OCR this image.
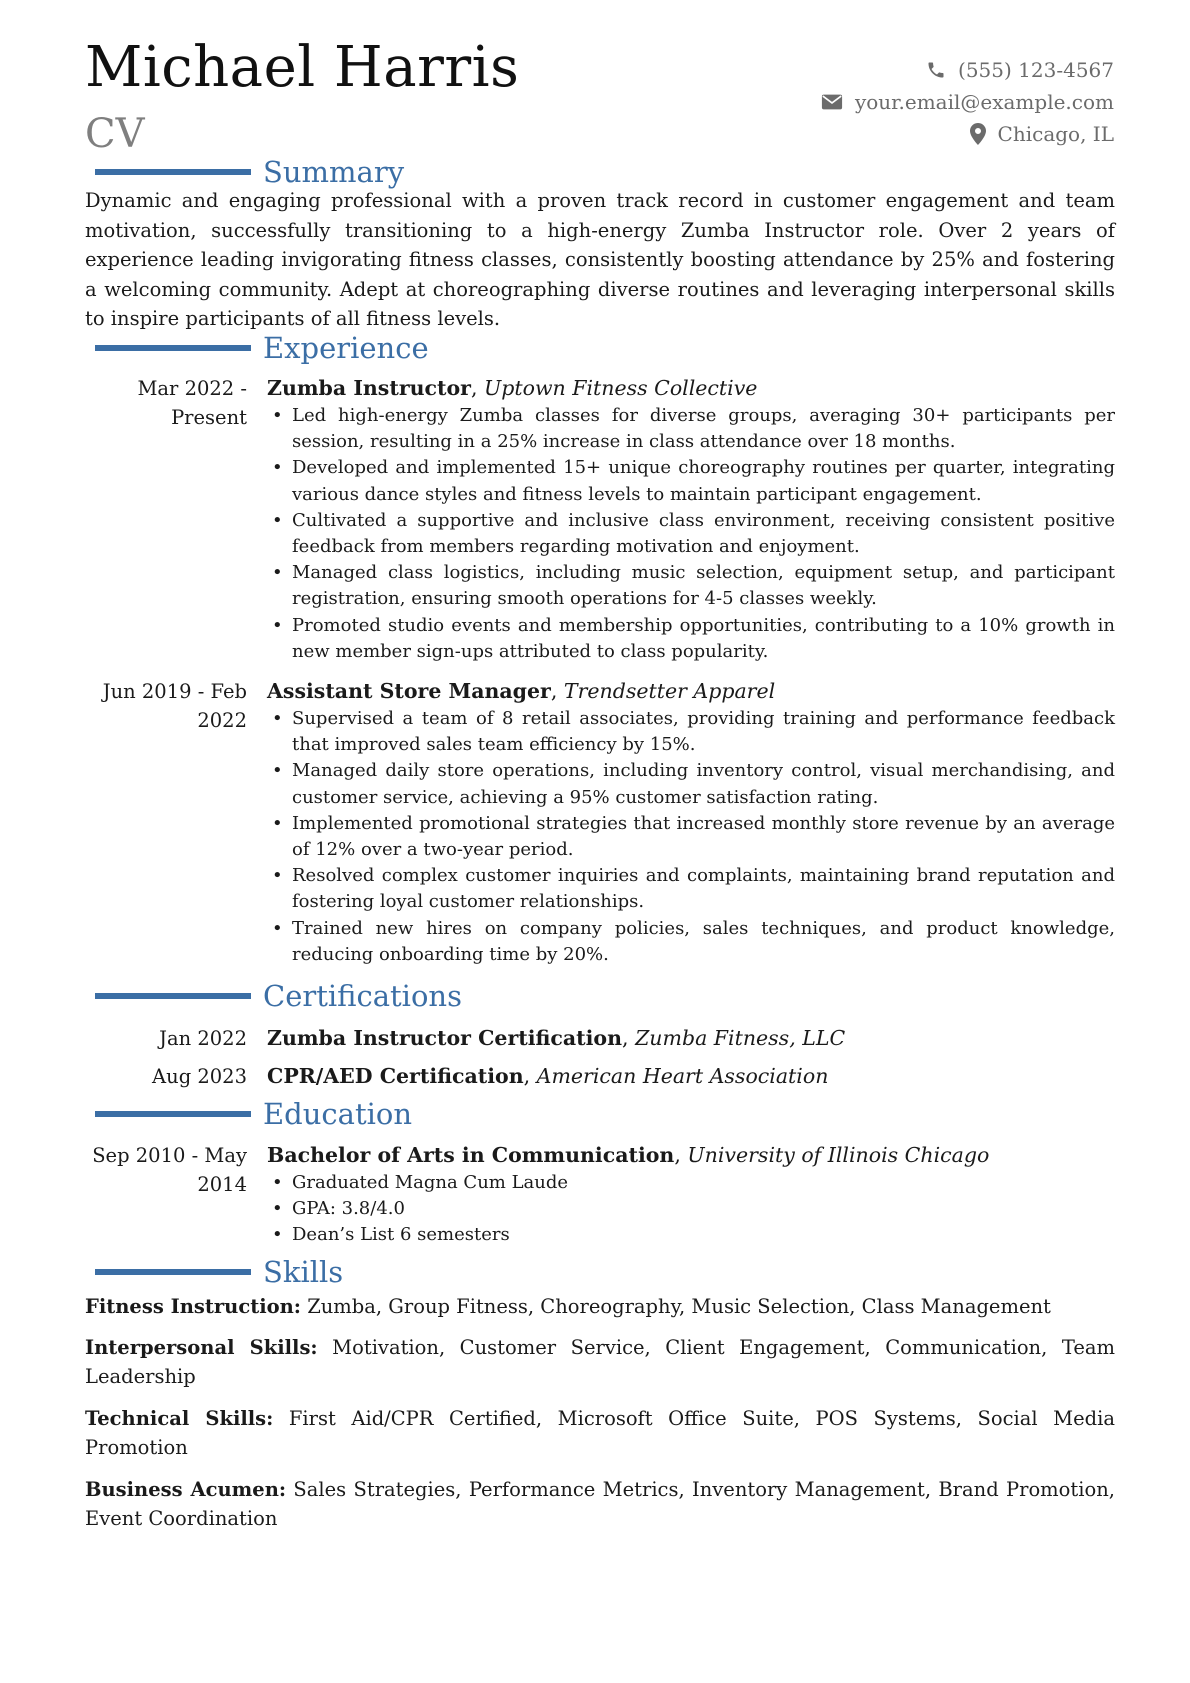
Michael Harris
CV
(555) 123-4567
your.email@example.com
Chicago, IL
Summary
Dynamic and engaging professional with a proven track record in customer engagement and team motivation, successfully transitioning to a high-energy Zumba Instructor role. Over 2 years of experience leading invigorating fitness classes, consistently boosting attendance by 25% and fostering a welcoming community. Adept at choreographing diverse routines and leveraging interpersonal skills to inspire participants of all fitness levels.
Experience
Mar 2022 - Present
Zumba Instructor, Uptown Fitness Collective
• Led high-energy Zumba classes for diverse groups, averaging 30+ participants per session, resulting in a 25% increase in class attendance over 18 months.
• Developed and implemented 15+ unique choreography routines per quarter, integrating various dance styles and fitness levels to maintain participant engagement.
• Cultivated a supportive and inclusive class environment, receiving consistent positive feedback from members regarding motivation and enjoyment.
• Managed class logistics, including music selection, equipment setup, and participant registration, ensuring smooth operations for 4-5 classes weekly.
• Promoted studio events and membership opportunities, contributing to a 10% growth in new member sign-ups attributed to class popularity.
Jun 2019 - Feb 2022
Assistant Store Manager, Trendsetter Apparel
• Supervised a team of 8 retail associates, providing training and performance feedback that improved sales team efficiency by 15%.
• Managed daily store operations, including inventory control, visual merchandising, and customer service, achieving a 95% customer satisfaction rating.
• Implemented promotional strategies that increased monthly store revenue by an average of 12% over a two-year period.
• Resolved complex customer inquiries and complaints, maintaining brand reputation and fostering loyal customer relationships.
• Trained new hires on company policies, sales techniques, and product knowledge, reducing onboarding time by 20%.
Certifications
Jan 2022 Zumba Instructor Certification, Zumba Fitness, LLC
Aug 2023 CPR/AED Certification, American Heart Association
Education
Sep 2010 - May 2014
Bachelor of Arts in Communication, University of Illinois Chicago
• Graduated Magna Cum Laude
• GPA: 3.8/4.0
• Dean’s List 6 semesters
Skills
Fitness Instruction: Zumba, Group Fitness, Choreography, Music Selection, Class Management
Interpersonal Skills: Motivation, Customer Service, Client Engagement, Communication, Team Leadership
Technical Skills: First Aid/CPR Certified, Microsoft Office Suite, POS Systems, Social Media Promotion
Business Acumen: Sales Strategies, Performance Metrics, Inventory Management, Brand Promotion, Event Coordination
